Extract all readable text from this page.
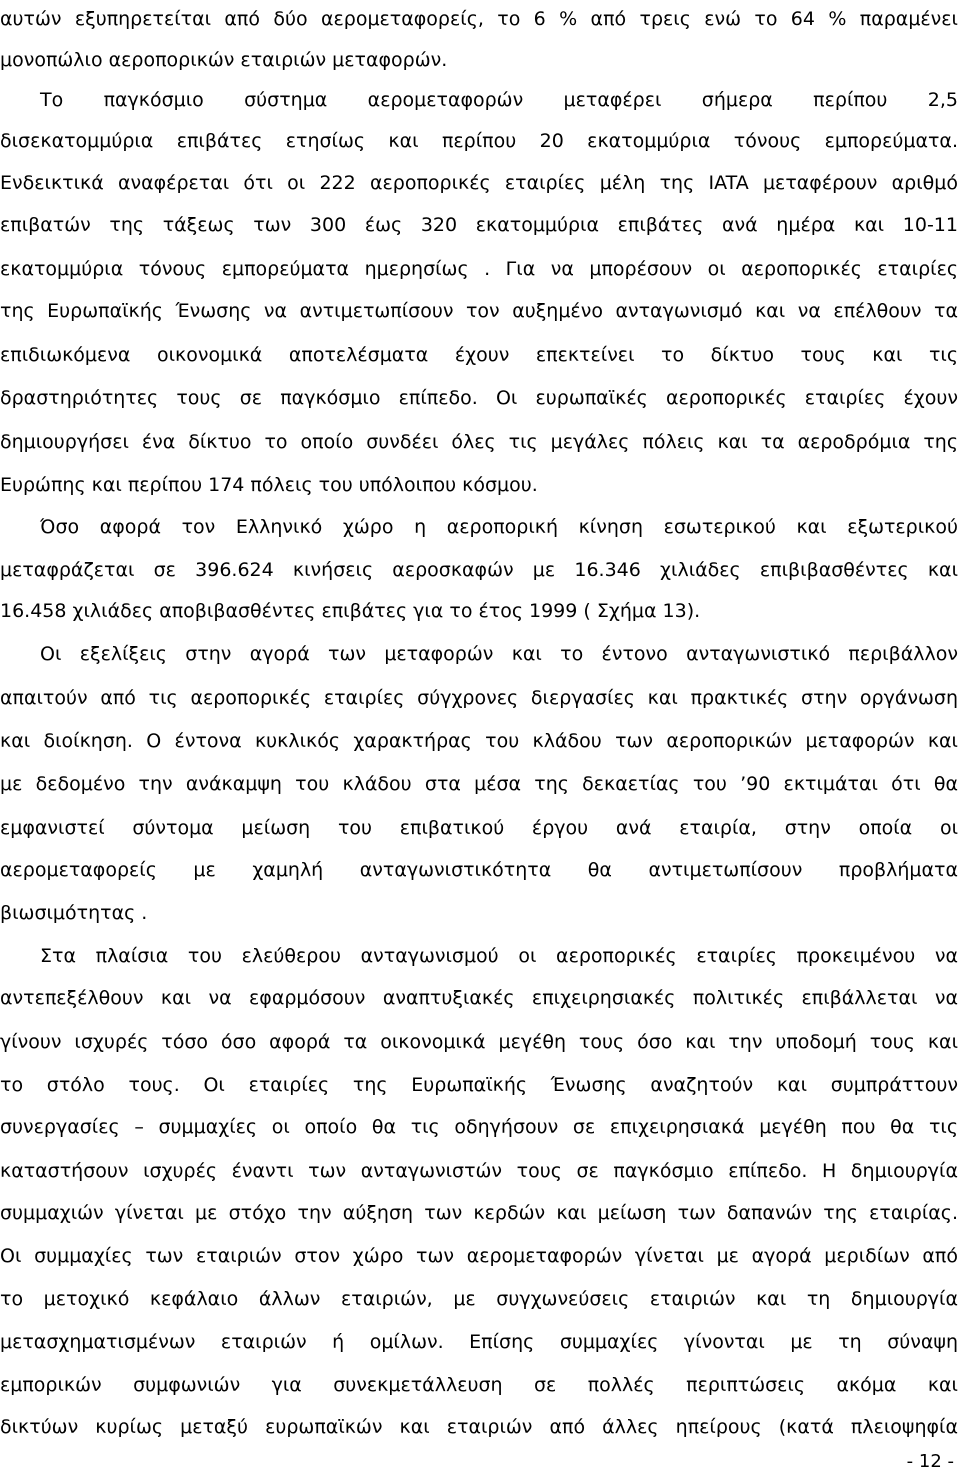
αυτών εξυπηρετείται από δύο αερομεταφορείς, το 6 % από τρεις ενώ το 64 % παραμένει
μονοπώλιο αεροπορικών εταιριών μεταφορών.
Το παγκόσμιο σύστημα αερομεταφορών μεταφέρει σήμερα περίπου 2,5
δισεκατομμύρια επιβάτες ετησίως και περίπου 20 εκατομμύρια τόνους εμπορεύματα.
Ενδεικτικά αναφέρεται ότι οι 222 αεροπορικές εταιρίες μέλη της IATA μεταφέρουν αριθμό
επιβατών της τάξεως των 300 έως 320 εκατομμύρια επιβάτες ανά ημέρα και 10-11
εκατομμύρια τόνους εμπορεύματα ημερησίως . Για να μπορέσουν οι αεροπορικές εταιρίες
της Ευρωπαϊκής Ένωσης να αντιμετωπίσουν τον αυξημένο ανταγωνισμό και να επέλθουν τα
επιδιωκόμενα οικονομικά αποτελέσματα έχουν επεκτείνει το δίκτυο τους και τις
δραστηριότητες τους σε παγκόσμιο επίπεδο. Οι ευρωπαϊκές αεροπορικές εταιρίες έχουν
δημιουργήσει ένα δίκτυο το οποίο συνδέει όλες τις μεγάλες πόλεις και τα αεροδρόμια της
Ευρώπης και περίπου 174 πόλεις του υπόλοιπου κόσμου.
Όσο αφορά τον Ελληνικό χώρο η αεροπορική κίνηση εσωτερικού και εξωτερικού
μεταφράζεται σε 396.624 κινήσεις αεροσκαφών με 16.346 χιλιάδες επιβιβασθέντες και
16.458 χιλιάδες αποβιβασθέντες επιβάτες για το έτος 1999 ( Σχήμα 13).
Οι εξελίξεις στην αγορά των μεταφορών και το έντονο ανταγωνιστικό περιβάλλον
απαιτούν από τις αεροπορικές εταιρίες σύγχρονες διεργασίες και πρακτικές στην οργάνωση
και διοίκηση. Ο έντονα κυκλικός χαρακτήρας του κλάδου των αεροπορικών μεταφορών και
με δεδομένο την ανάκαμψη του κλάδου στα μέσα της δεκαετίας του ’90 εκτιμάται ότι θα
εμφανιστεί σύντομα μείωση του επιβατικού έργου ανά εταιρία, στην οποία οι
αερομεταφορείς με χαμηλή ανταγωνιστικότητα θα αντιμετωπίσουν προβλήματα
βιωσιμότητας .
Στα πλαίσια του ελεύθερου ανταγωνισμού οι αεροπορικές εταιρίες προκειμένου να
αντεπεξέλθουν και να εφαρμόσουν αναπτυξιακές επιχειρησιακές πολιτικές επιβάλλεται να
γίνουν ισχυρές τόσο όσο αφορά τα οικονομικά μεγέθη τους όσο και την υποδομή τους και
το στόλο τους. Οι εταιρίες της Ευρωπαϊκής Ένωσης αναζητούν και συμπράττουν
συνεργασίες – συμμαχίες οι οποίο θα τις οδηγήσουν σε επιχειρησιακά μεγέθη που θα τις
καταστήσουν ισχυρές έναντι των ανταγωνιστών τους σε παγκόσμιο επίπεδο. Η δημιουργία
συμμαχιών γίνεται με στόχο την αύξηση των κερδών και μείωση των δαπανών της εταιρίας.
Οι συμμαχίες των εταιριών στον χώρο των αερομεταφορών γίνεται με αγορά μεριδίων από
το μετοχικό κεφάλαιο άλλων εταιριών, με συγχωνεύσεις εταιριών και τη δημιουργία
μετασχηματισμένων εταιριών ή ομίλων. Επίσης συμμαχίες γίνονται με τη σύναψη
εμπορικών συμφωνιών για συνεκμετάλλευση σε πολλές περιπτώσεις ακόμα και
δικτύων κυρίως μεταξύ ευρωπαϊκών και εταιριών από άλλες ηπείρους (κατά πλειοψηφία
- 12 -
